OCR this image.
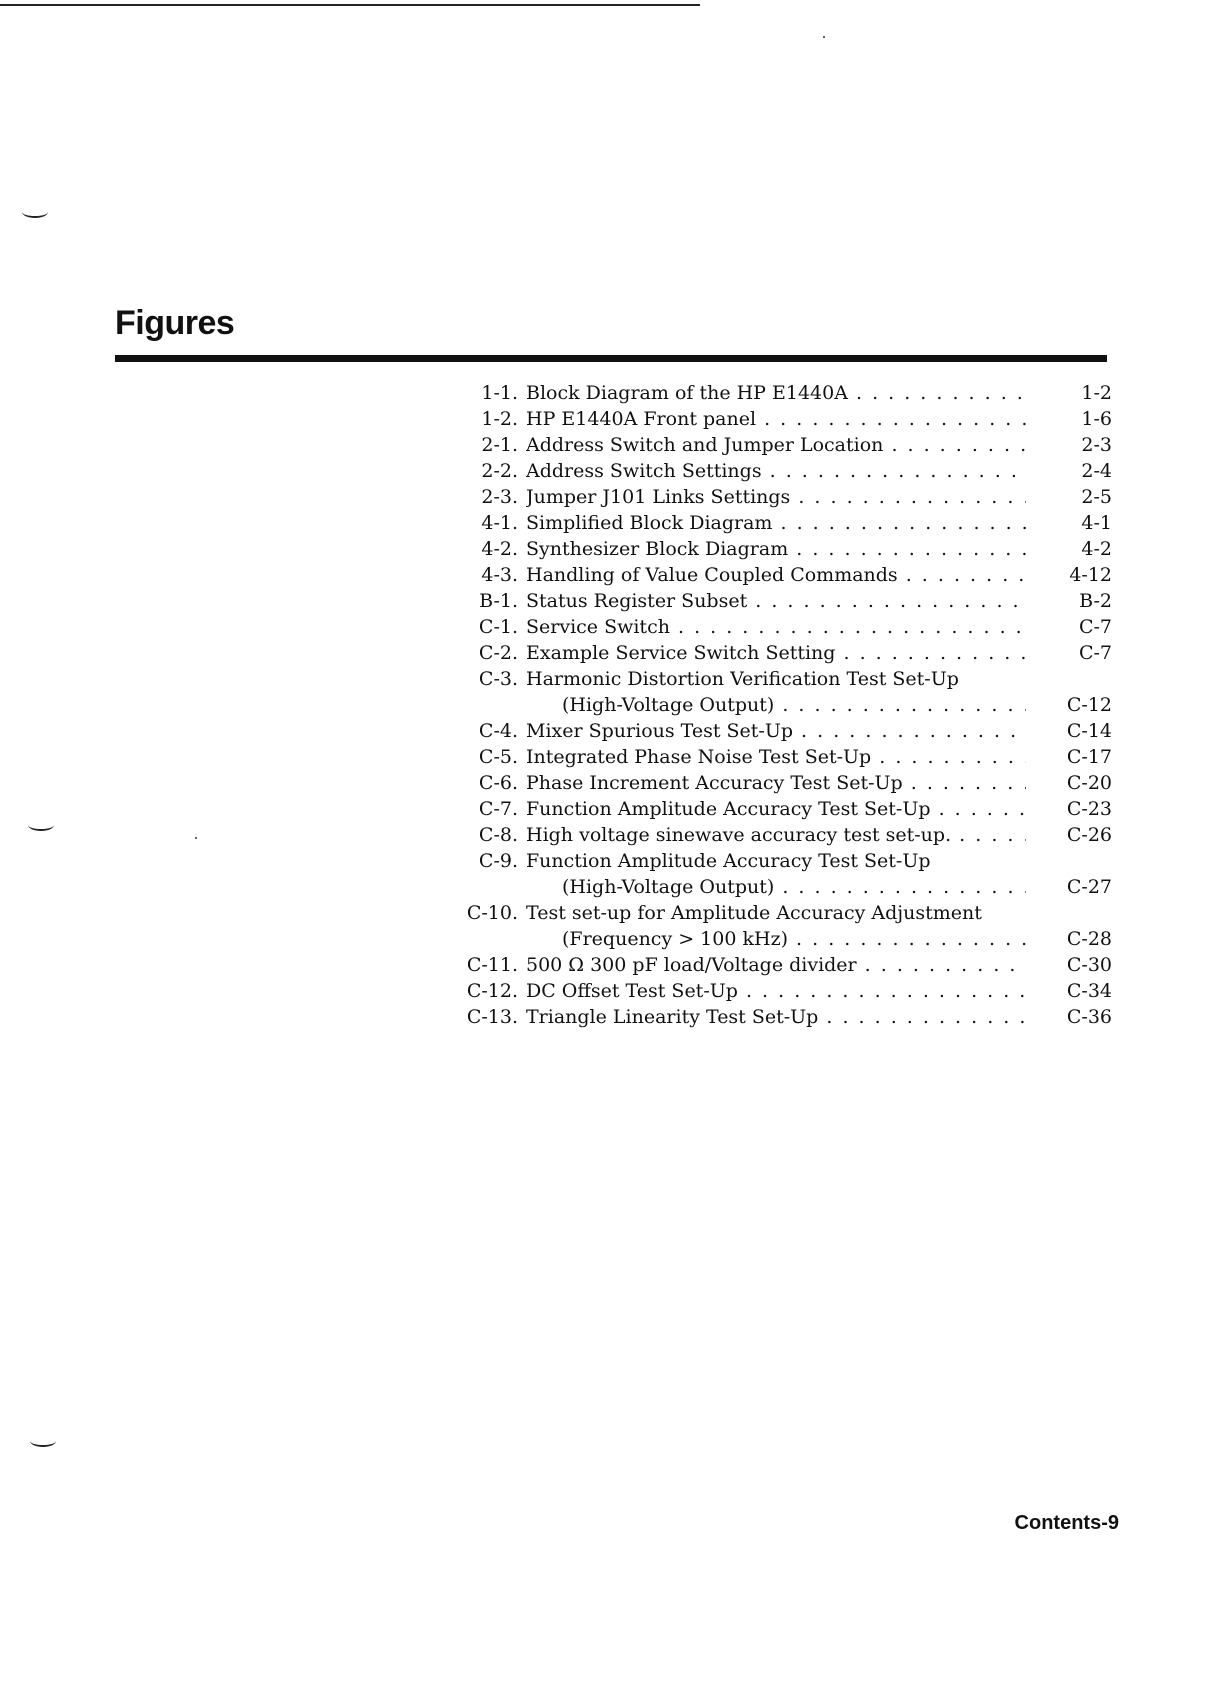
Figures
1-1. Block Diagram of the HP E1440A . . .	1-2
1-2. HP E1440A Front panel . . .	1-6
2-1. Address Switch and Jumper Location . . .	2-3
2-2. Address Switch Settings . . .	2-4
2-3. Jumper J101 Links Settings . . .	2-5
4-1. Simplified Block Diagram . . .	4-1
4-2. Synthesizer Block Diagram . . .	4-2
4-3. Handling of Value Coupled Commands . . .	4-12
B-1. Status Register Subset . . .	B-2
C-1. Service Switch . . .	C-7
C-2. Example Service Switch Setting . . .	C-7
C-3. Harmonic Distortion Verification Test Set-Up
(High-Voltage Output) . . .	C-12
C-4. Mixer Spurious Test Set-Up . . .	C-14
C-5. Integrated Phase Noise Test Set-Up . . .	C-17
C-6. Phase Increment Accuracy Test Set-Up . . .	C-20
C-7. Function Amplitude Accuracy Test Set-Up . . .	C-23
C-8. High voltage sinewave accuracy test set-up. . . .	C-26
C-9. Function Amplitude Accuracy Test Set-Up
(High-Voltage Output) . . .	C-27
C-10. Test set-up for Amplitude Accuracy Adjustment
(Frequency > 100 kHz) . . .	C-28
C-11. 500 Ω 300 pF load/Voltage divider . . .	C-30
C-12. DC Offset Test Set-Up . . .	C-34
C-13. Triangle Linearity Test Set-Up . . .	C-36
Contents-9
